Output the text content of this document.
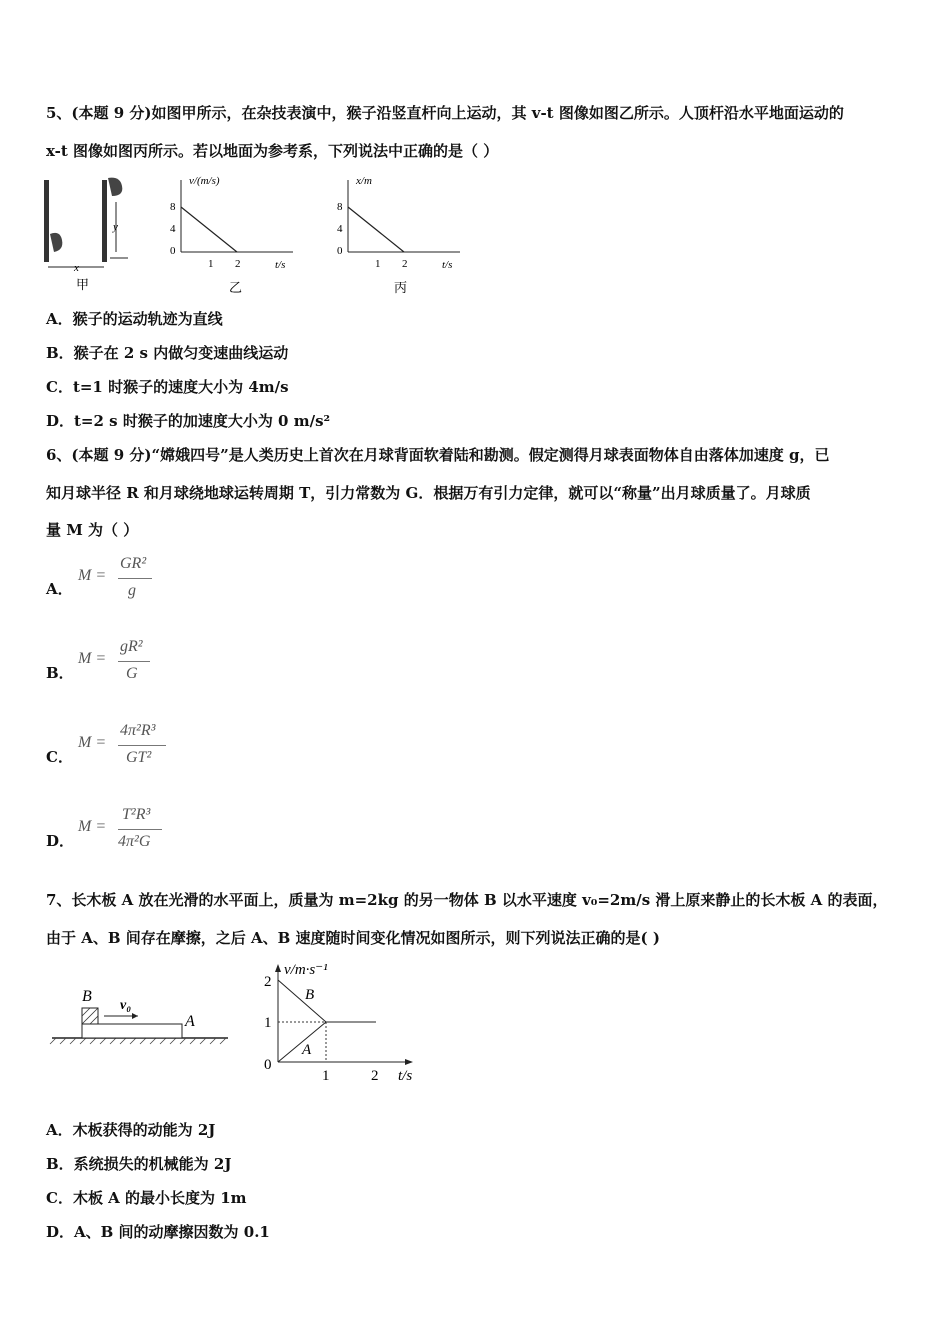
5、(本题 9 分)如图甲所示，在杂技表演中，猴子沿竖直杆向上运动，其 v-t 图像如图乙所示。人顶杆沿水平地面运动的
x-t 图像如图丙所示。若以地面为参考系，下列说法中正确的是（ ）
y
x
甲
v/(m/s)
t/s
8
4
0
1 2
乙
x/m
t/s
8
4
0
1 2
丙
A．猴子的运动轨迹为直线
B．猴子在 2 s 内做匀变速曲线运动
C．t=1 时猴子的速度大小为 4m/s
D．t=2 s 时猴子的加速度大小为 0 m/s²
6、(本题 9 分)“嫦娥四号”是人类历史上首次在月球背面软着陆和勘测。假定测得月球表面物体自由落体加速度 g，已
知月球半径 R 和月球绕地球运转周期 T，引力常数为 G．根据万有引力定律，就可以“称量”出月球质量了。月球质
量 M 为（ ）
A．
M =
GR²
g
B．
M =
gR²
G
C．
M =
4π²R³
GT²
D．
M =
T²R³
4π²G
7、长木板 A 放在光滑的水平面上，质量为 m=2kg 的另一物体 B 以水平速度 v₀=2m/s 滑上原来静止的长木板 A 的表面，
由于 A、B 间存在摩擦，之后 A、B 速度随时间变化情况如图所示，则下列说法正确的是( )
B
A
v₀
v/m·s⁻¹
t/s
2
1
0
1	2
B
A
A．木板获得的动能为 2J
B．系统损失的机械能为 2J
C．木板 A 的最小长度为 1m
D．A、B 间的动摩擦因数为 0.1
